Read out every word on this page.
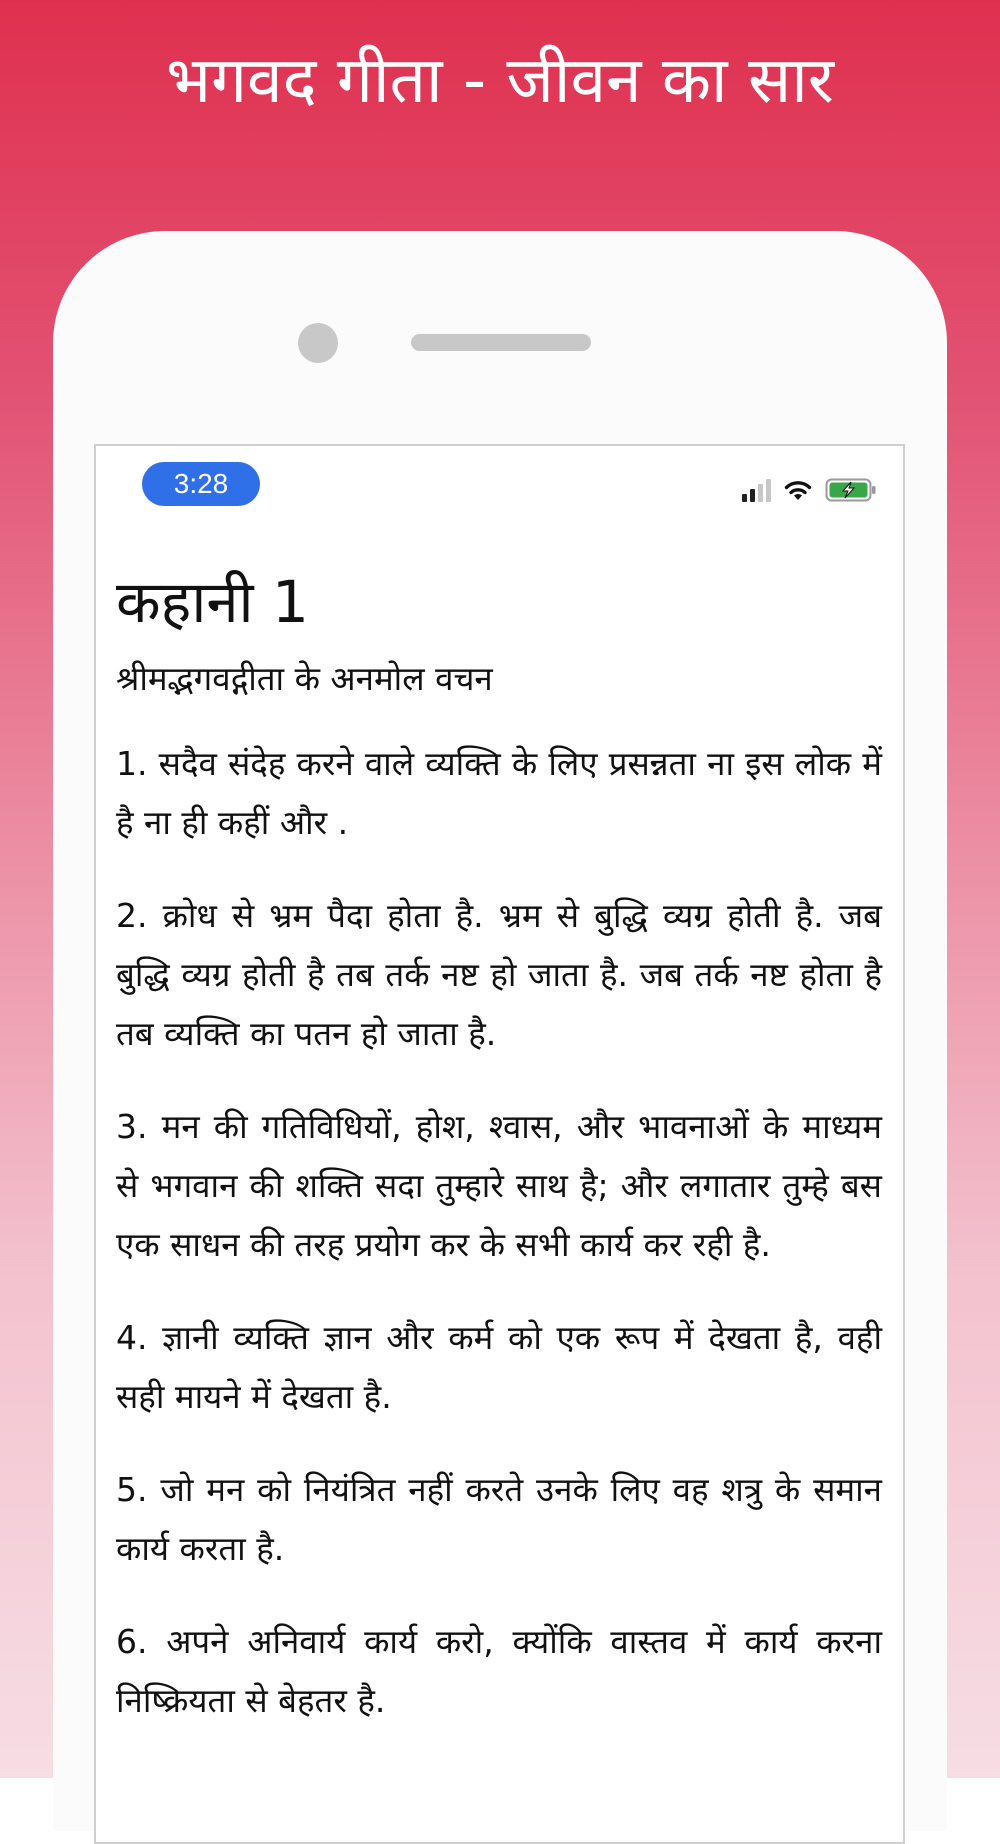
भगवद गीता - जीवन का सार
3:28
कहानी 1
श्रीमद्भगवद्गीता के अनमोल वचन
1. सदैव संदेह करने वाले व्यक्ति के लिए प्रसन्नता ना इस लोक में है ना ही कहीं और .
2. क्रोध से भ्रम पैदा होता है. भ्रम से बुद्धि व्यग्र होती है. जब बुद्धि व्यग्र होती है तब तर्क नष्ट हो जाता है. जब तर्क नष्ट होता है तब व्यक्ति का पतन हो जाता है.
3. मन की गतिविधियों, होश, श्वास, और भावनाओं के माध्यम से भगवान की शक्ति सदा तुम्हारे साथ है; और लगातार तुम्हे बस एक साधन की तरह प्रयोग कर के सभी कार्य कर रही है.
4. ज्ञानी व्यक्ति ज्ञान और कर्म को एक रूप में देखता है, वही सही मायने में देखता है.
5. जो मन को नियंत्रित नहीं करते उनके लिए वह शत्रु के समान कार्य करता है.
6. अपने अनिवार्य कार्य करो, क्योंकि वास्तव में कार्य करना निष्क्रियता से बेहतर है.
